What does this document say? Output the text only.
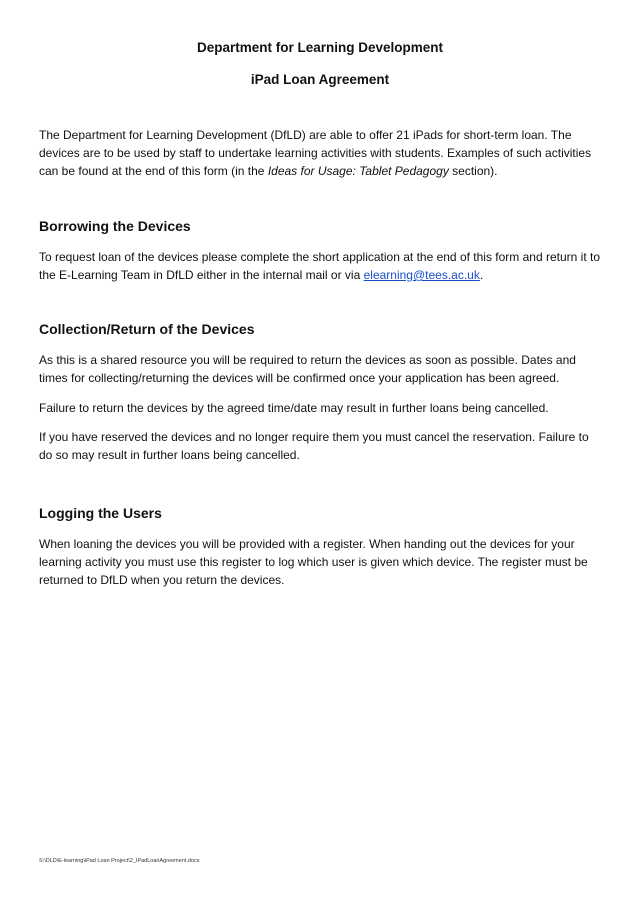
Department for Learning Development
iPad Loan Agreement

The Department for Learning Development (DfLD) are able to offer 21 iPads for short-term loan. The devices are to be used by staff to undertake learning activities with students. Examples of such activities can be found at the end of this form (in the Ideas for Usage: Tablet Pedagogy section).

Borrowing the Devices

To request loan of the devices please complete the short application at the end of this form and return it to the E-Learning Team in DfLD either in the internal mail or via elearning@tees.ac.uk.

Collection/Return of the Devices

As this is a shared resource you will be required to return the devices as soon as possible. Dates and times for collecting/returning the devices will be confirmed once your application has been agreed.

Failure to return the devices by the agreed time/date may result in further loans being cancelled.

If you have reserved the devices and no longer require them you must cancel the reservation. Failure to do so may result in further loans being cancelled.

Logging the Users

When loaning the devices you will be provided with a register. When handing out the devices for your learning activity you must use this register to log which user is given which device. The register must be returned to DfLD when you return the devices.

S:\DLD\E-learning\iPad Loan Project\2_IPadLoanAgreement.docx
